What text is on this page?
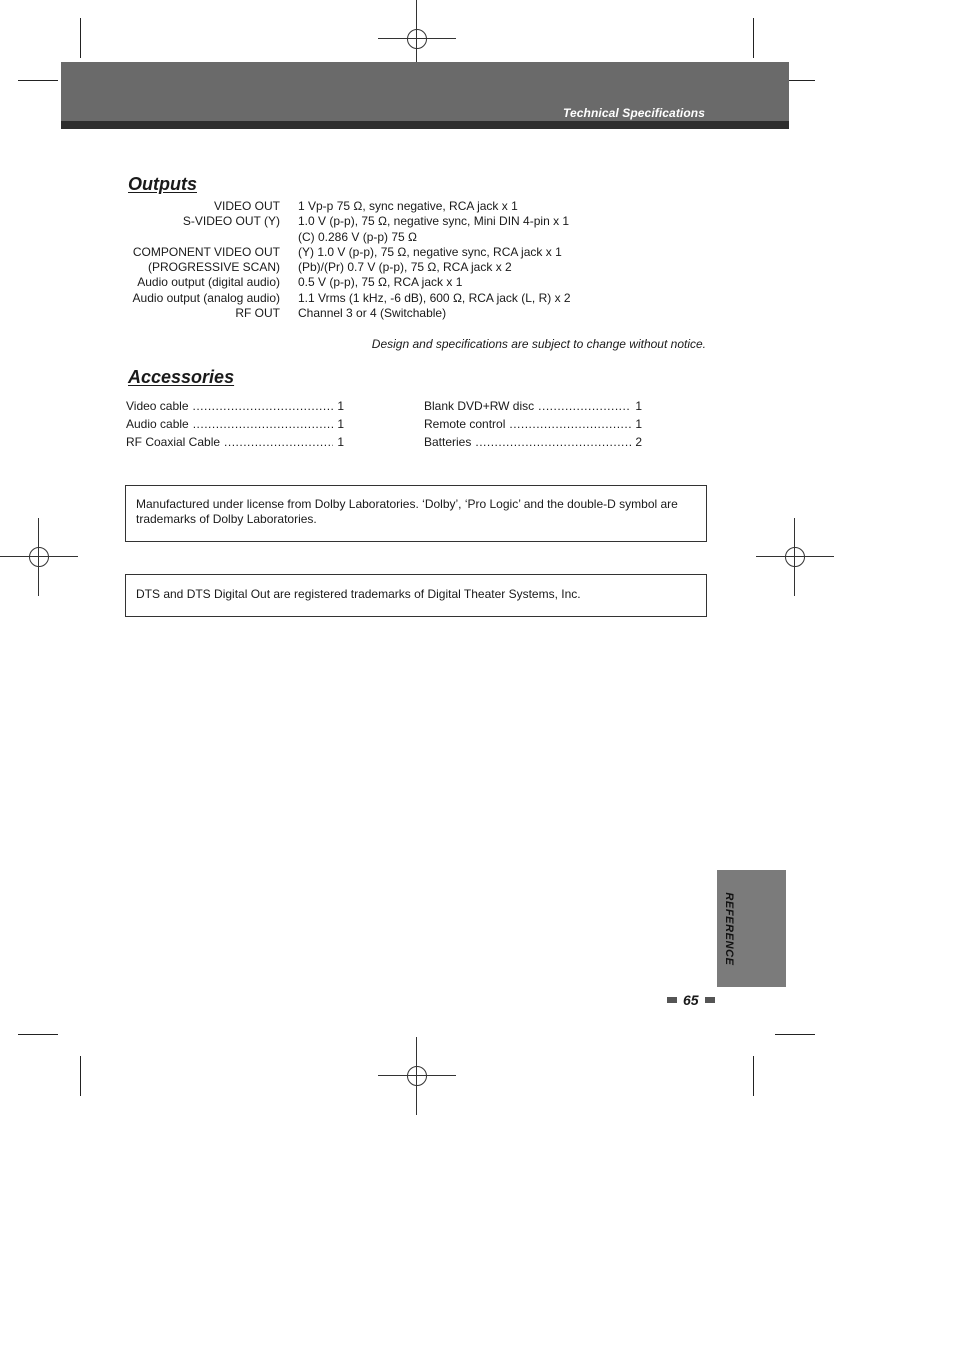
Technical Specifications
Outputs
VIDEO OUT	1 Vp-p 75 Ω, sync negative, RCA jack x 1
S-VIDEO OUT (Y)	1.0 V (p-p), 75 Ω, negative sync, Mini DIN 4-pin x 1
(C) 0.286 V (p-p) 75 Ω
COMPONENT VIDEO OUT	(Y) 1.0 V (p-p), 75 Ω, negative sync, RCA jack x 1
(PROGRESSIVE SCAN)	(Pb)/(Pr) 0.7 V (p-p), 75 Ω, RCA jack x 2
Audio output (digital audio)	0.5 V (p-p), 75 Ω, RCA jack x 1
Audio output (analog audio)	1.1 Vrms (1 kHz, -6 dB), 600 Ω, RCA jack (L, R) x 2
RF OUT	Channel 3 or 4 (Switchable)
Design and specifications are subject to change without notice.
Accessories
Video cable .....	1
Audio cable .....	1
RF Coaxial Cable .....	1
Blank DVD+RW disc .....	1
Remote control .....	1
Batteries .....	2
Manufactured under license from Dolby Laboratories. ‘Dolby’, ‘Pro Logic’ and the double-D symbol are trademarks of Dolby Laboratories.
DTS and DTS Digital Out are registered trademarks of Digital Theater Systems, Inc.
REFERENCE
65
